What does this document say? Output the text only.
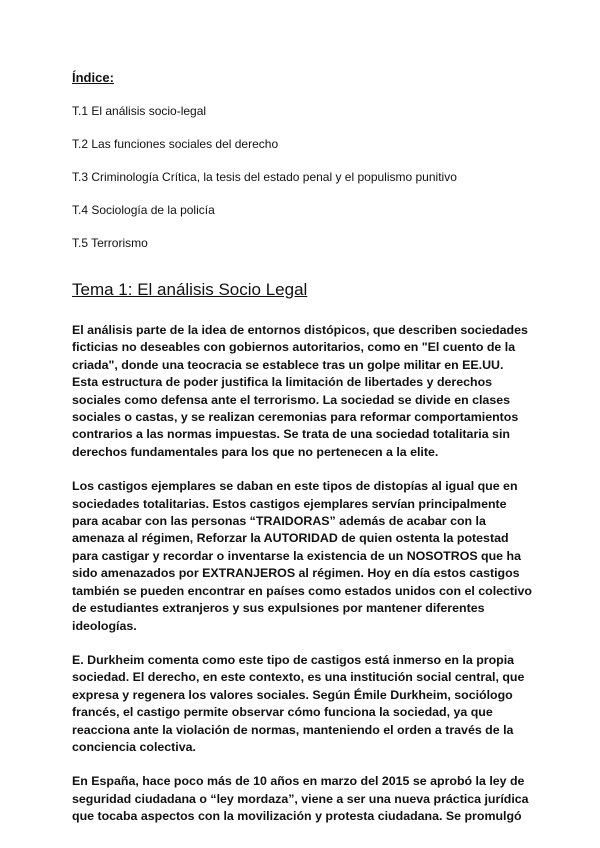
Índice:
T.1 El análisis socio-legal
T.2 Las funciones sociales del derecho
T.3 Criminología Crítica, la tesis del estado penal y el populismo punitivo
T.4 Sociología de la policía
T.5 Terrorismo
Tema 1: El análisis Socio Legal

El análisis parte de la idea de entornos distópicos, que describen sociedades ficticias no deseables con gobiernos autoritarios, como en "El cuento de la criada", donde una teocracia se establece tras un golpe militar en EE.UU. Esta estructura de poder justifica la limitación de libertades y derechos sociales como defensa ante el terrorismo. La sociedad se divide en clases sociales o castas, y se realizan ceremonias para reformar comportamientos contrarios a las normas impuestas. Se trata de una sociedad totalitaria sin derechos fundamentales para los que no pertenecen a la elite.

Los castigos ejemplares se daban en este tipos de distopías al igual que en sociedades totalitarias. Estos castigos ejemplares servían principalmente para acabar con las personas “TRAIDORAS” además de acabar con la amenaza al régimen, Reforzar la AUTORIDAD de quien ostenta la potestad para castigar y recordar o inventarse la existencia de un NOSOTROS que ha sido amenazados por EXTRANJEROS al régimen. Hoy en día estos castigos también se pueden encontrar en países como estados unidos con el colectivo de estudiantes extranjeros y sus expulsiones por mantener diferentes ideologías.

E. Durkheim comenta como este tipo de castigos está inmerso en la propia sociedad. El derecho, en este contexto, es una institución social central, que expresa y regenera los valores sociales. Según Émile Durkheim, sociólogo francés, el castigo permite observar cómo funciona la sociedad, ya que reacciona ante la violación de normas, manteniendo el orden a través de la conciencia colectiva.

En España, hace poco más de 10 años en marzo del 2015 se aprobó la ley de seguridad ciudadana o “ley mordaza”, viene a ser una nueva práctica jurídica que tocaba aspectos con la movilización y protesta ciudadana. Se promulgó
